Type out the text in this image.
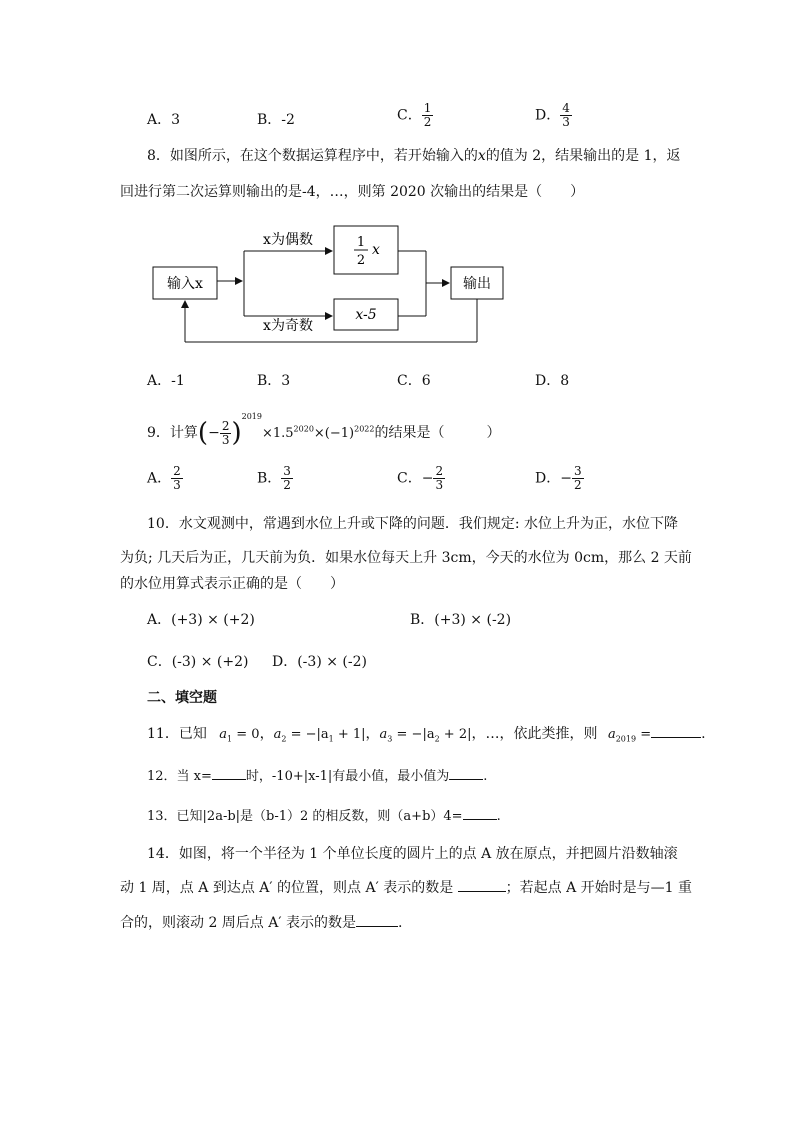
A．3	B．-2	C． $\frac{1}{2}$	D． $\frac{4}{3}$
8．如图所示，在这个数据运算程序中，若开始输入的x的值为 2，结果输出的是 1，返
回进行第二次运算则输出的是-4，…，则第 2020 次输出的结果是（　　）
输入x
x为偶数
x为奇数
1
2
x
x-5
输出
A．-1	B．3	C．6	D．8
9．计算(− $\frac{2}{3} )^{2019}\times 1.5^{2020}\times(-1)^{2022}$的结果是（　　　）
A． $\frac{2}{3}$	B． $\frac{3}{2}$	C．− $\frac{2}{3}$	D．− $\frac{3}{2}$
10．水文观测中，常遇到水位上升或下降的问题．我们规定: 水位上升为正，水位下降
为负; 几天后为正，几天前为负．如果水位每天上升 3cm，今天的水位为 0cm，那么 2 天前
的水位用算式表示正确的是（　　）
A．(+3) × (+2)	B．(+3) × (-2)
C．(-3) × (+2) D．(-3) × (-2)
二、填空题
11．已知 $a_1 = 0$，$a_2 = -|a_1 + 1|$，$a_3 = -|a_2 + 2|$，…，依此类推，则 $a_{2019}$ =	.
12．当 x=	时，-10+|x-1|有最小值，最小值为	.
13．已知|2a-b|是（b-1）2 的相反数，则（a+b）4=	.
14．如图，将一个半径为 1 个单位长度的圆片上的点 A 放在原点，并把圆片沿数轴滚
动 1 周，点 A 到达点 A′ 的位置，则点 A′ 表示的数是	；若起点 A 开始时是与—1 重
合的，则滚动 2 周后点 A′ 表示的数是	.
